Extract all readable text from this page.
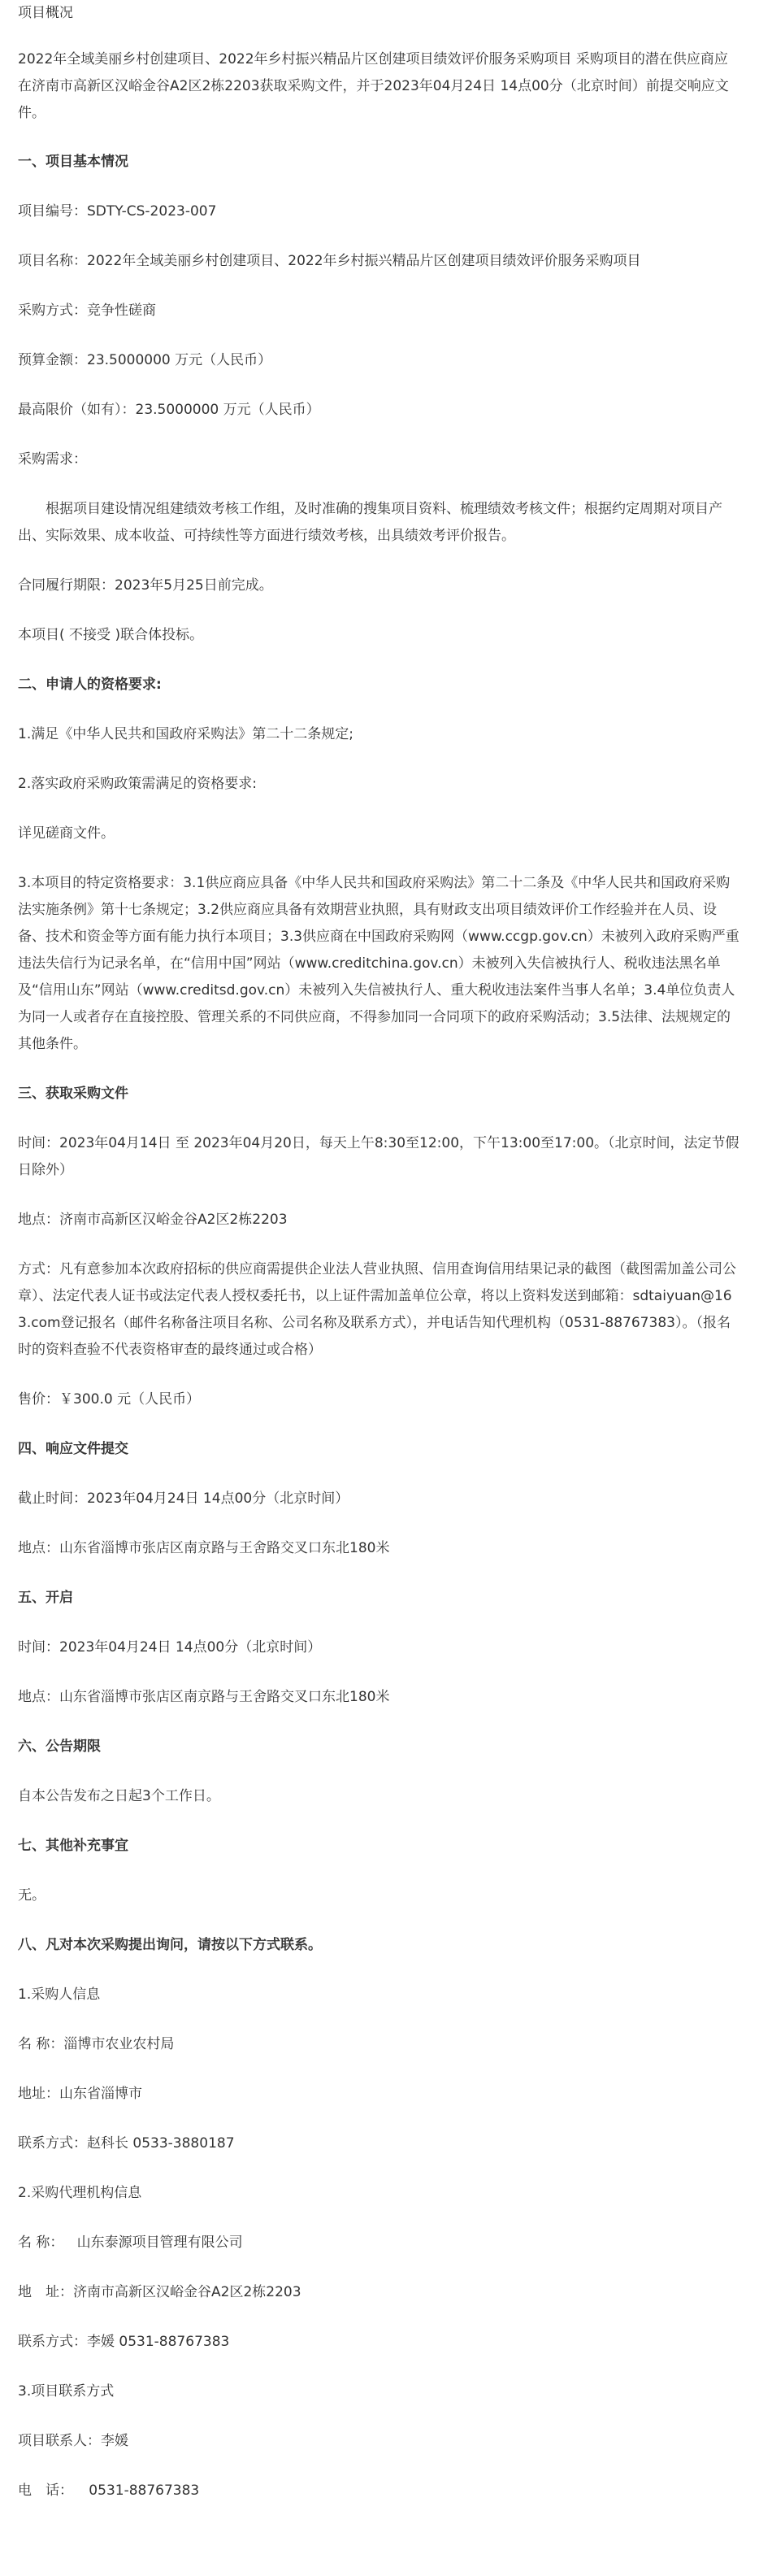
项目概况

2022年全域美丽乡村创建项目、2022年乡村振兴精品片区创建项目绩效评价服务采购项目 采购项目的潜在供应商应在济南市高新区汉峪金谷A2区2栋2203获取采购文件，并于2023年04月24日 14点00分（北京时间）前提交响应文件。

一、项目基本情况

项目编号：SDTY-CS-2023-007

项目名称：2022年全域美丽乡村创建项目、2022年乡村振兴精品片区创建项目绩效评价服务采购项目

采购方式：竞争性磋商

预算金额：23.5000000 万元（人民币）

最高限价（如有）：23.5000000 万元（人民币）

采购需求：

根据项目建设情况组建绩效考核工作组，及时准确的搜集项目资料、梳理绩效考核文件；根据约定周期对项目产出、实际效果、成本收益、可持续性等方面进行绩效考核，出具绩效考评价报告。

合同履行期限：2023年5月25日前完成。

本项目( 不接受 )联合体投标。

二、申请人的资格要求:

1.满足《中华人民共和国政府采购法》第二十二条规定;

2.落实政府采购政策需满足的资格要求:

详见磋商文件。

3.本项目的特定资格要求：3.1供应商应具备《中华人民共和国政府采购法》第二十二条及《中华人民共和国政府采购法实施条例》第十七条规定；3.2供应商应具备有效期营业执照，具有财政支出项目绩效评价工作经验并在人员、设备、技术和资金等方面有能力执行本项目；3.3供应商在中国政府采购网（www.ccgp.gov.cn）未被列入政府采购严重违法失信行为记录名单，在“信用中国”网站（www.creditchina.gov.cn）未被列入失信被执行人、税收违法黑名单及“信用山东”网站（www.creditsd.gov.cn）未被列入失信被执行人、重大税收违法案件当事人名单；3.4单位负责人为同一人或者存在直接控股、管理关系的不同供应商，不得参加同一合同项下的政府采购活动；3.5法律、法规规定的其他条件。

三、获取采购文件

时间：2023年04月14日 至 2023年04月20日，每天上午8:30至12:00，下午13:00至17:00。（北京时间，法定节假日除外）

地点：济南市高新区汉峪金谷A2区2栋2203

方式：凡有意参加本次政府招标的供应商需提供企业法人营业执照、信用查询信用结果记录的截图（截图需加盖公司公章）、法定代表人证书或法定代表人授权委托书，以上证件需加盖单位公章，将以上资料发送到邮箱：sdtaiyuan@163.com登记报名（邮件名称备注项目名称、公司名称及联系方式），并电话告知代理机构（0531-88767383）。（报名时的资料查验不代表资格审查的最终通过或合格）

售价：￥300.0 元（人民币）

四、响应文件提交

截止时间：2023年04月24日 14点00分（北京时间）

地点：山东省淄博市张店区南京路与王舍路交叉口东北180米

五、开启

时间：2023年04月24日 14点00分（北京时间）

地点：山东省淄博市张店区南京路与王舍路交叉口东北180米

六、公告期限

自本公告发布之日起3个工作日。

七、其他补充事宜

无。

八、凡对本次采购提出询问，请按以下方式联系。

1.采购人信息

名 称：淄博市农业农村局

地址：山东省淄博市

联系方式：赵科长 0533-3880187

2.采购代理机构信息

名 称：   山东泰源项目管理有限公司

地　址：济南市高新区汉峪金谷A2区2栋2203

联系方式：李媛 0531-88767383

3.项目联系方式

项目联系人：李媛

电　话：　  0531-88767383
